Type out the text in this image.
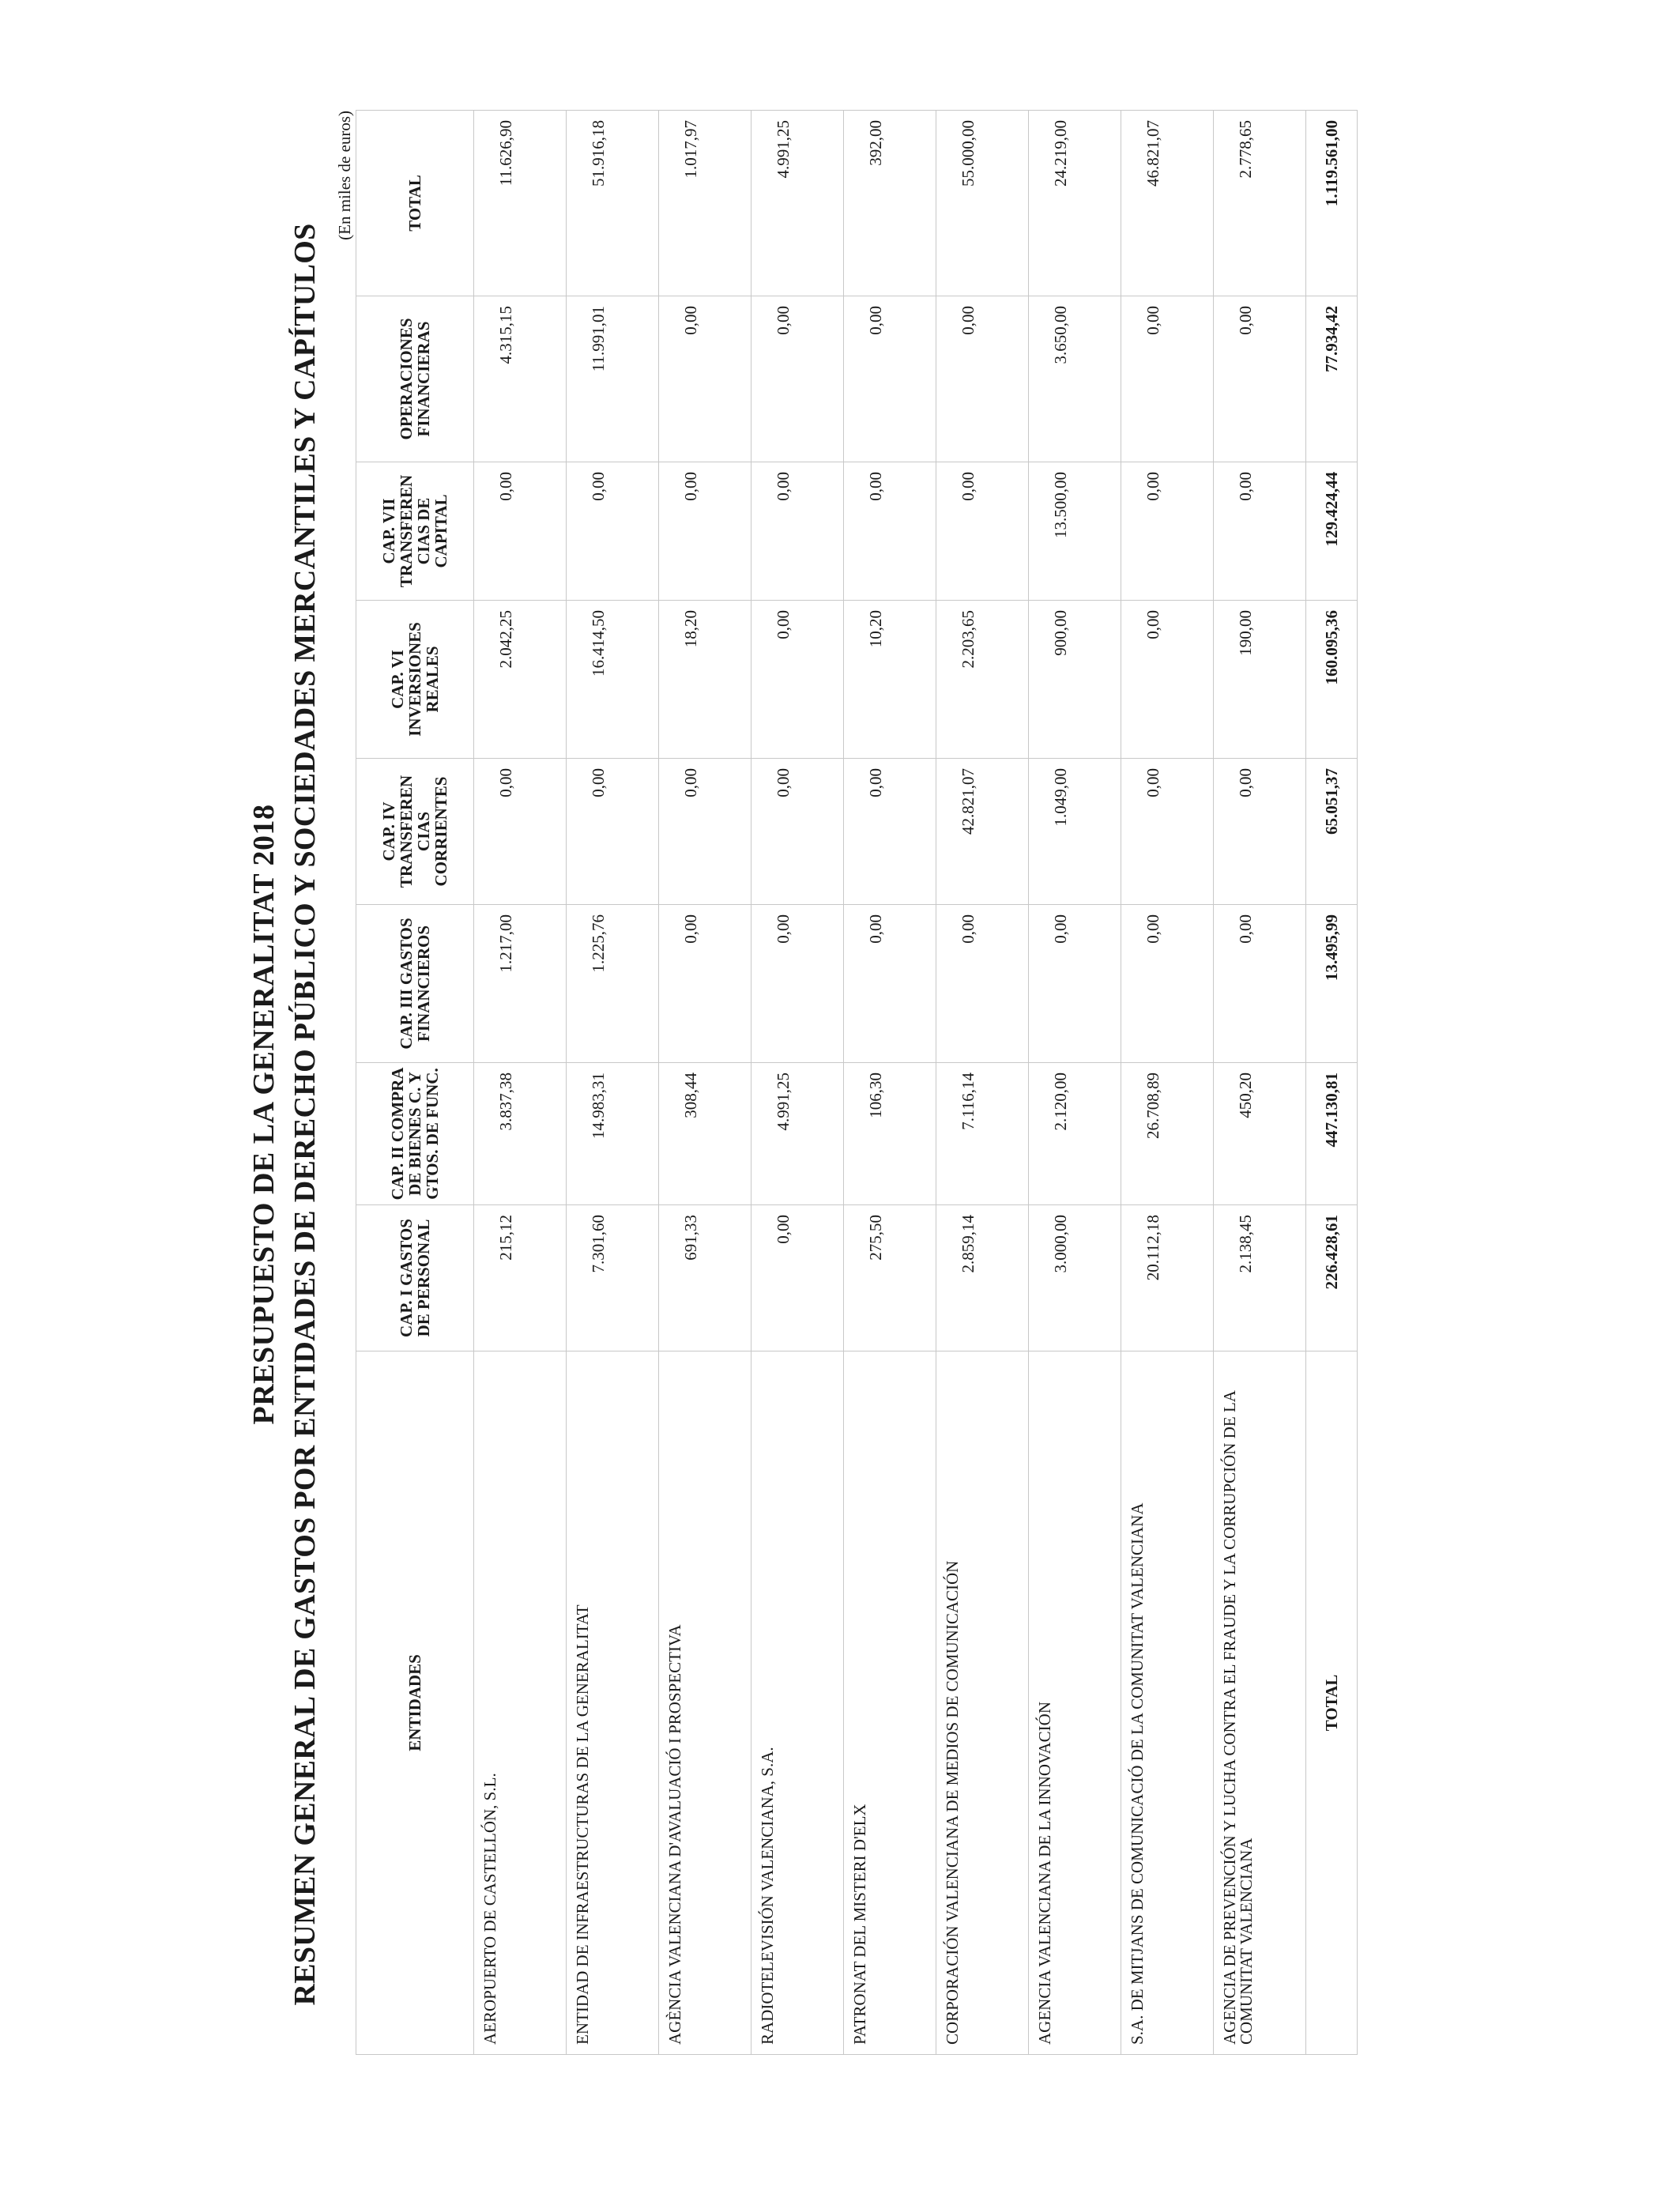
PRESUPUESTO DE LA GENERALITAT 2018 RESUMEN GENERAL DE GASTOS POR ENTIDADES DE DERECHO PÚBLICO Y SOCIEDADES MERCANTILES Y CAPÍTULOS
(En miles de euros)
ENTIDADES	CAP. I GASTOS DE PERSONAL	CAP. II COMPRA DE BIENES C. Y GTOS. DE FUNC.	CAP. III GASTOS FINANCIEROS	CAP. IV TRANSFEREN CIAS CORRIENTES	CAP. VI INVERSIONES REALES	CAP. VII TRANSFEREN CIAS DE CAPITAL	OPERACIONES FINANCIERAS	TOTAL
AEROPUERTO DE CASTELLÓN, S.L.	215,12	3.837,38	1.217,00	0,00	2.042,25	0,00	4.315,15	11.626,90
ENTIDAD DE INFRAESTRUCTURAS DE LA GENERALITAT	7.301,60	14.983,31	1.225,76	0,00	16.414,50	0,00	11.991,01	51.916,18
AGÈNCIA VALENCIANA D'AVALUACIÓ I PROSPECTIVA	691,33	308,44	0,00	0,00	18,20	0,00	0,00	1.017,97
RADIOTELEVISIÓN VALENCIANA, S.A.	0,00	4.991,25	0,00	0,00	0,00	0,00	0,00	4.991,25
PATRONAT DEL MISTERI D'ELX	275,50	106,30	0,00	0,00	10,20	0,00	0,00	392,00
CORPORACIÓN VALENCIANA DE MEDIOS DE COMUNICACIÓN	2.859,14	7.116,14	0,00	42.821,07	2.203,65	0,00	0,00	55.000,00
AGENCIA VALENCIANA DE LA INNOVACIÓN	3.000,00	2.120,00	0,00	1.049,00	900,00	13.500,00	3.650,00	24.219,00
S.A. DE MITJANS DE COMUNICACIÓ DE LA COMUNITAT VALENCIANA	20.112,18	26.708,89	0,00	0,00	0,00	0,00	0,00	46.821,07
AGENCIA DE PREVENCIÓN Y LUCHA CONTRA EL FRAUDE Y LA CORRUPCIÓN DE LA COMUNITAT VALENCIANA	2.138,45	450,20	0,00	0,00	190,00	0,00	0,00	2.778,65
TOTAL	226.428,61	447.130,81	13.495,99	65.051,37	160.095,36	129.424,44	77.934,42	1.119.561,00
